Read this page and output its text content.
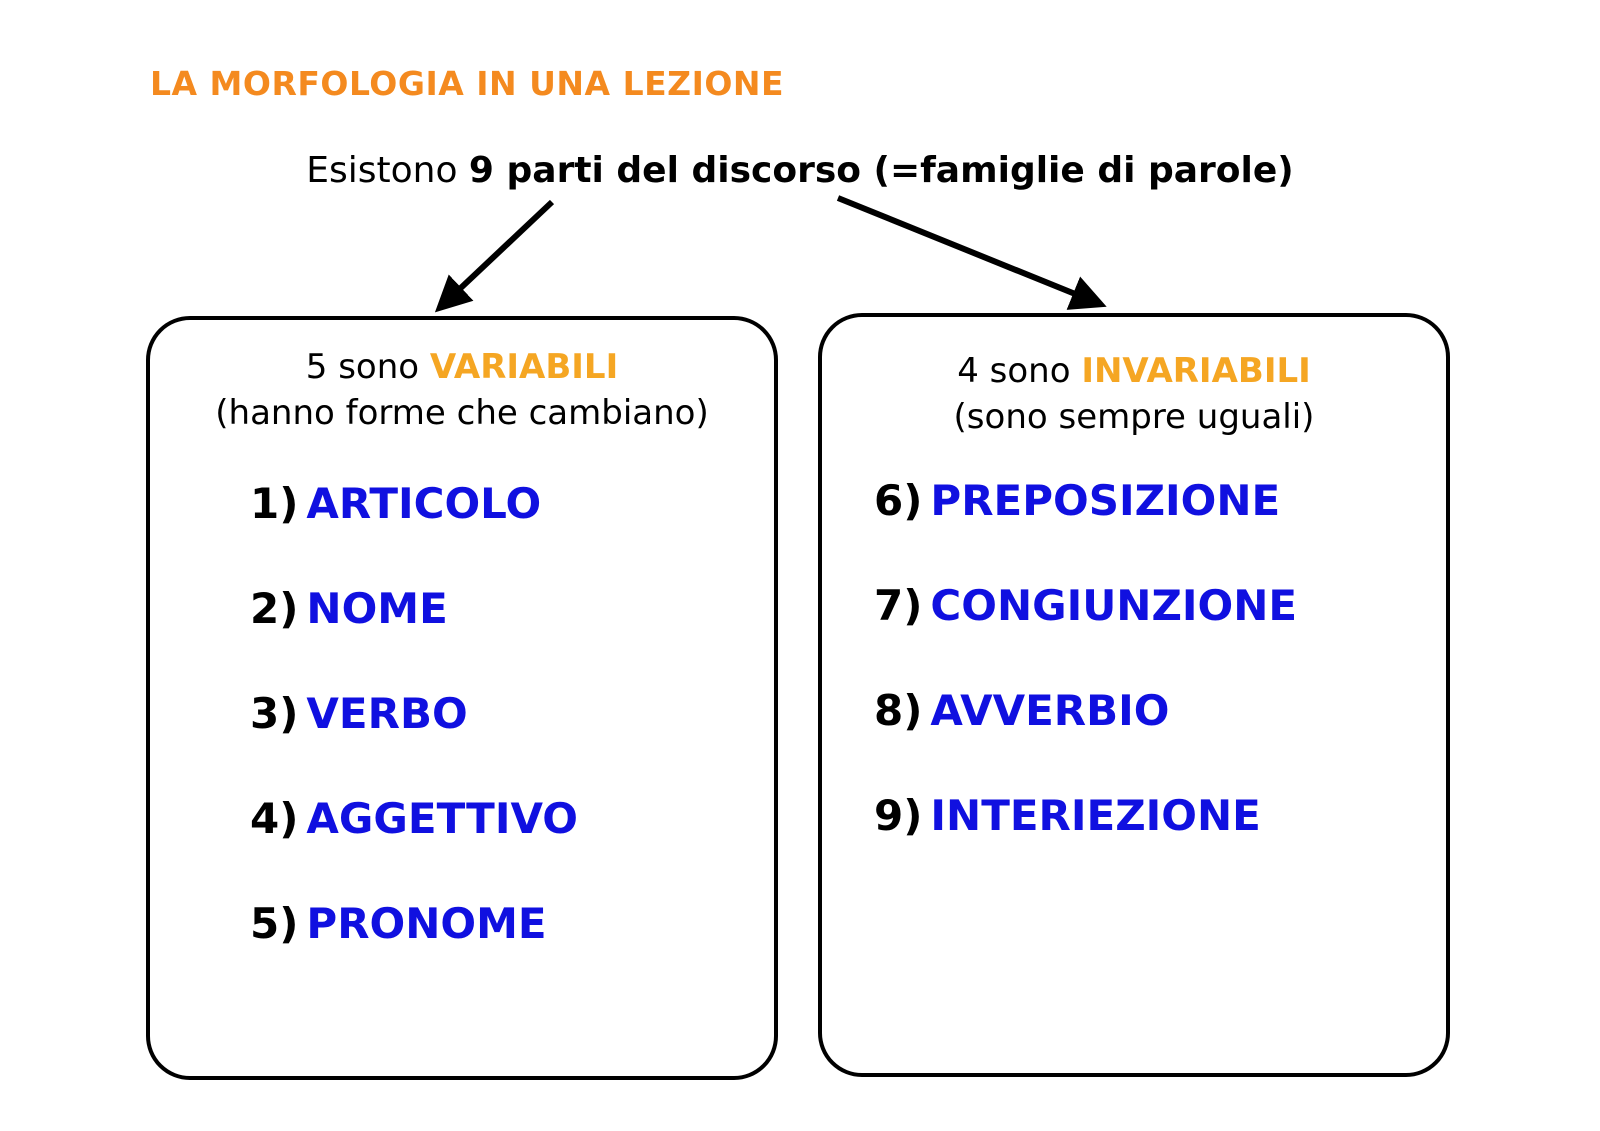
LA MORFOLOGIA IN UNA LEZIONE
Esistono 9 parti del discorso (=famiglie di parole)
5 sono VARIABILI
(hanno forme che cambiano)
1) ARTICOLO
2) NOME
3) VERBO
4) AGGETTIVO
5) PRONOME
4 sono INVARIABILI
(sono sempre uguali)
6) PREPOSIZIONE
7) CONGIUNZIONE
8) AVVERBIO
9) INTERIEZIONE
